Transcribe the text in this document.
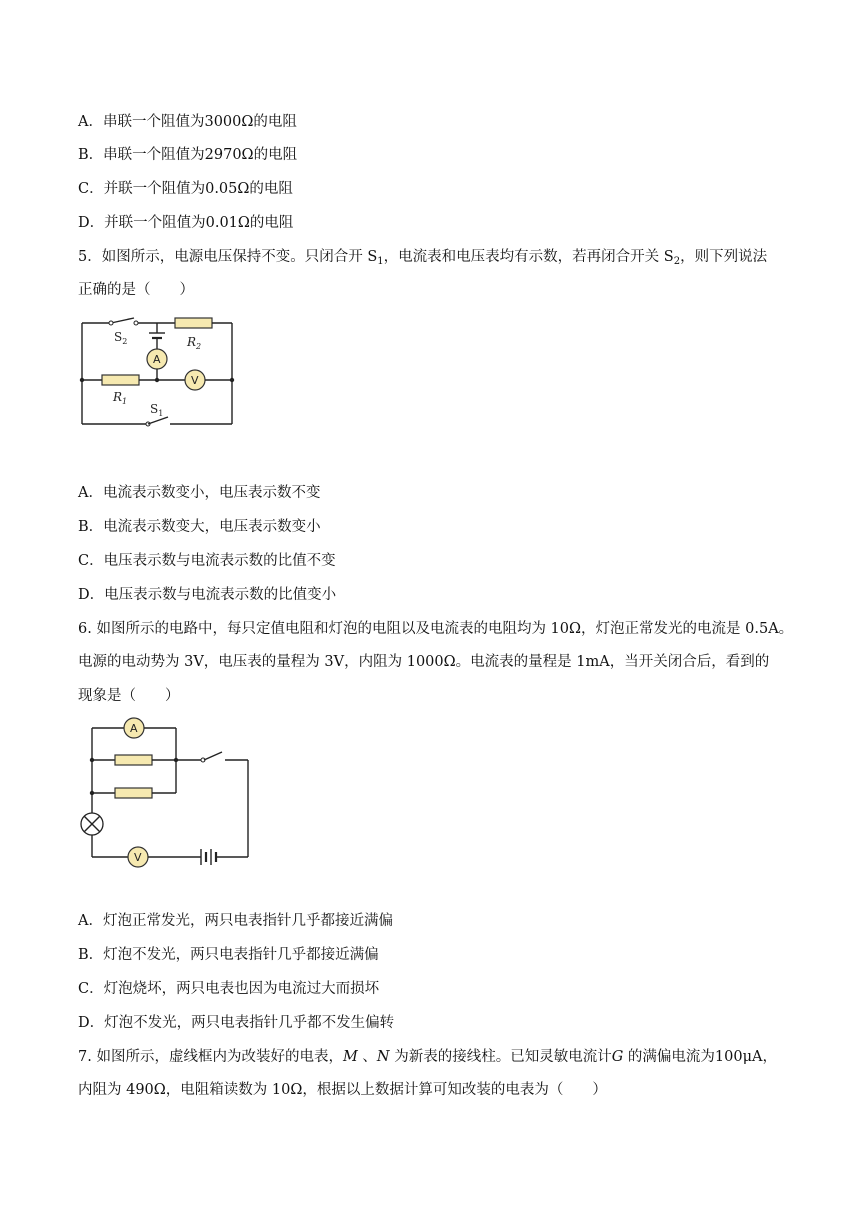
A．串联一个阻值为3000Ω的电阻
B．串联一个阻值为2970Ω的电阻
C．并联一个阻值为0.05Ω的电阻
D．并联一个阻值为0.01Ω的电阻
5．如图所示，电源电压保持不变。只闭合开 $S_1$，电流表和电压表均有示数，若再闭合开关 $S_2$，则下列说法
正确的是（　　）
A
V
$S_2$	$R_2$
$R_1$
$S_1$
A．电流表示数变小，电压表示数不变
B．电流表示数变大，电压表示数变小
C．电压表示数与电流表示数的比值不变
D．电压表示数与电流表示数的比值变小
6. 如图所示的电路中，每只定值电阻和灯泡的电阻以及电流表的电阻均为 10Ω，灯泡正常发光的电流是 0.5A。
电源的电动势为 3V，电压表的量程为 3V，内阻为 1000Ω。电流表的量程是 1mA，当开关闭合后，看到的
现象是（　　）
A
V
A．灯泡正常发光，两只电表指针几乎都接近满偏
B．灯泡不发光，两只电表指针几乎都接近满偏
C．灯泡烧坏，两只电表也因为电流过大而损坏
D．灯泡不发光，两只电表指针几乎都不发生偏转
7. 如图所示，虚线框内为改装好的电表，M 、N 为新表的接线柱。已知灵敏电流计G 的满偏电流为100μA，
内阻为 490Ω，电阻箱读数为 10Ω，根据以上数据计算可知改装的电表为（　　）
